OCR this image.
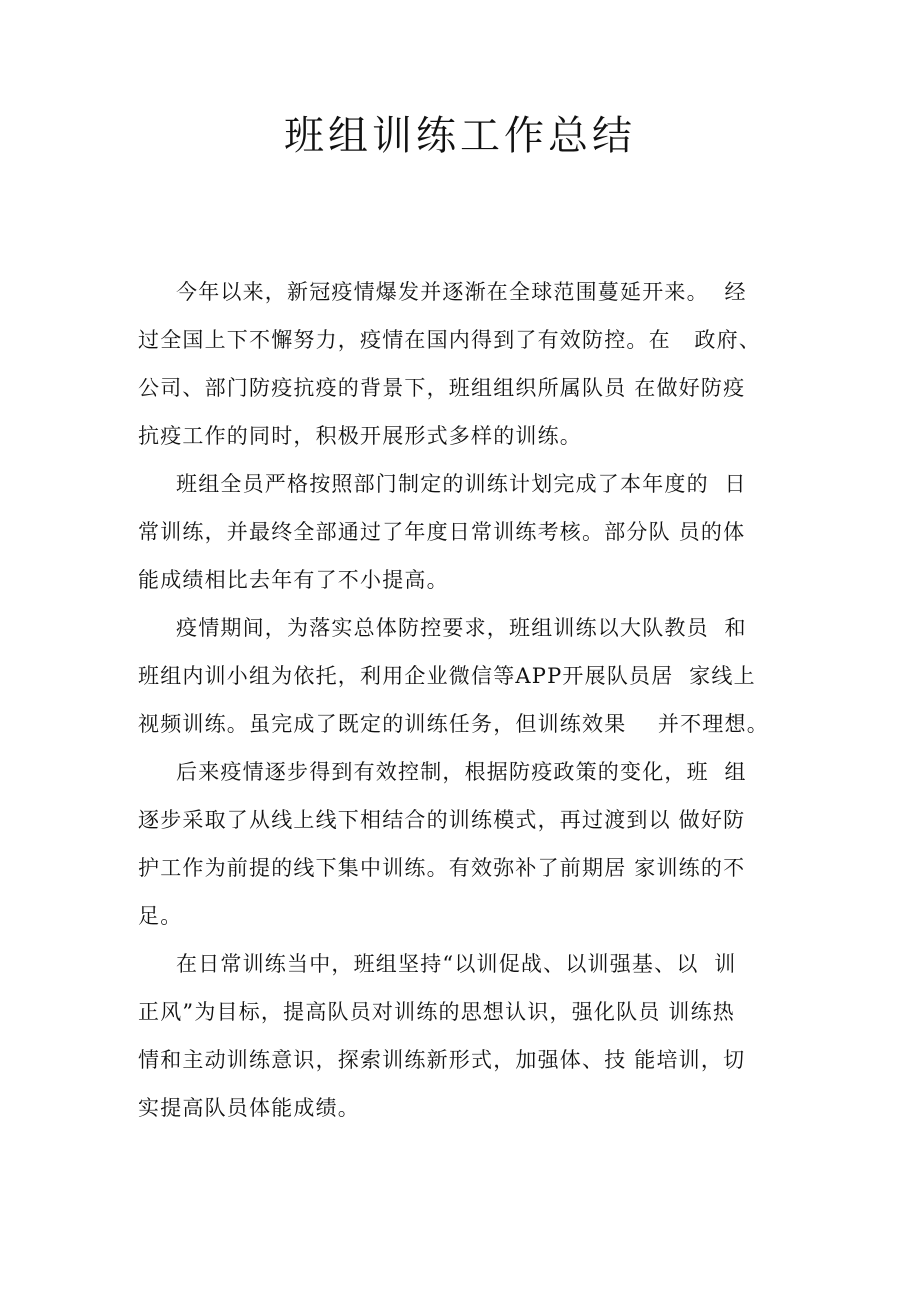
班组训练工作总结

今年以来，新冠疫情爆发并逐渐在全球范围蔓延开来。  经
过全国上下不懈努力，疫情在国内得到了有效防控。在   政府、
公司、部门防疫抗疫的背景下，班组组织所属队员 在做好防疫
抗疫工作的同时，积极开展形式多样的训练。

班组全员严格按照部门制定的训练计划完成了本年度的  日
常训练，并最终全部通过了年度日常训练考核。部分队 员的体
能成绩相比去年有了不小提高。

疫情期间，为落实总体防控要求，班组训练以大队教员  和
班组内训小组为依托，利用企业微信等APP开展队员居  家线上
视频训练。虽完成了既定的训练任务，但训练效果    并不理想。

后来疫情逐步得到有效控制，根据防疫政策的变化，班  组
逐步采取了从线上线下相结合的训练模式，再过渡到以 做好防
护工作为前提的线下集中训练。有效弥补了前期居 家训练的不
足。

在日常训练当中，班组坚持“以训促战、以训强基、以  训
正风”为目标，提高队员对训练的思想认识，强化队员 训练热
情和主动训练意识，探索训练新形式，加强体、技 能培训，切
实提高队员体能成绩。
